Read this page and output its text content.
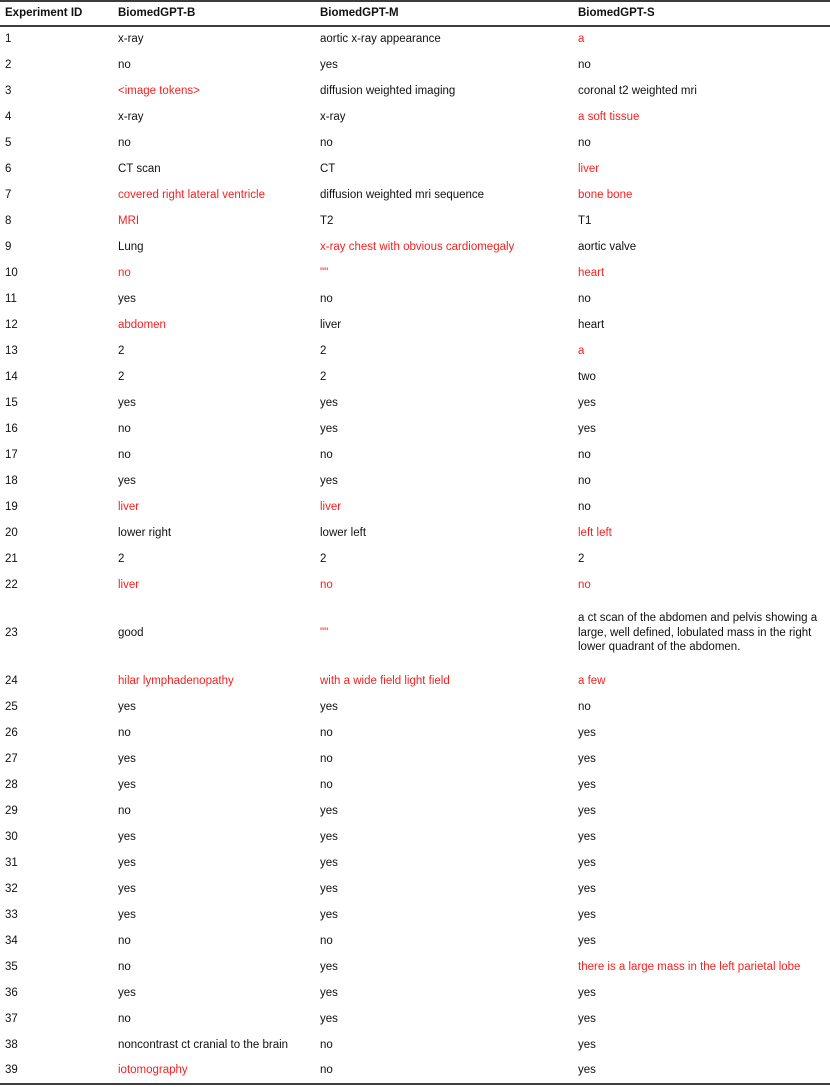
Experiment ID	BiomedGPT-B	BiomedGPT-M	BiomedGPT-S
1	x-ray	aortic x-ray appearance	a
2	no	yes	no
3	<image tokens>	diffusion weighted imaging	coronal t2 weighted mri
4	x-ray	x-ray	a soft tissue
5	no	no	no
6	CT scan	CT	liver
7	covered right lateral ventricle	diffusion weighted mri sequence	bone bone
8	MRI	T2	T1
9	Lung	x-ray chest with obvious cardiomegaly	aortic valve
10	no	""	heart
11	yes	no	no
12	abdomen	liver	heart
13	2	2	a
14	2	2	two
15	yes	yes	yes
16	no	yes	yes
17	no	no	no
18	yes	yes	no
19	liver	liver	no
20	lower right	lower left	left left
21	2	2	2
22	liver	no	no
23	good	""	a ct scan of the abdomen and pelvis showing a large, well defined, lobulated mass in the right lower quadrant of the abdomen.
24	hilar lymphadenopathy	with a wide field light field	a few
25	yes	yes	no
26	no	no	yes
27	yes	no	yes
28	yes	no	yes
29	no	yes	yes
30	yes	yes	yes
31	yes	yes	yes
32	yes	yes	yes
33	yes	yes	yes
34	no	no	yes
35	no	yes	there is a large mass in the left parietal lobe
36	yes	yes	yes
37	no	yes	yes
38	noncontrast ct cranial to the brain	no	yes
39	iotomography	no	yes
